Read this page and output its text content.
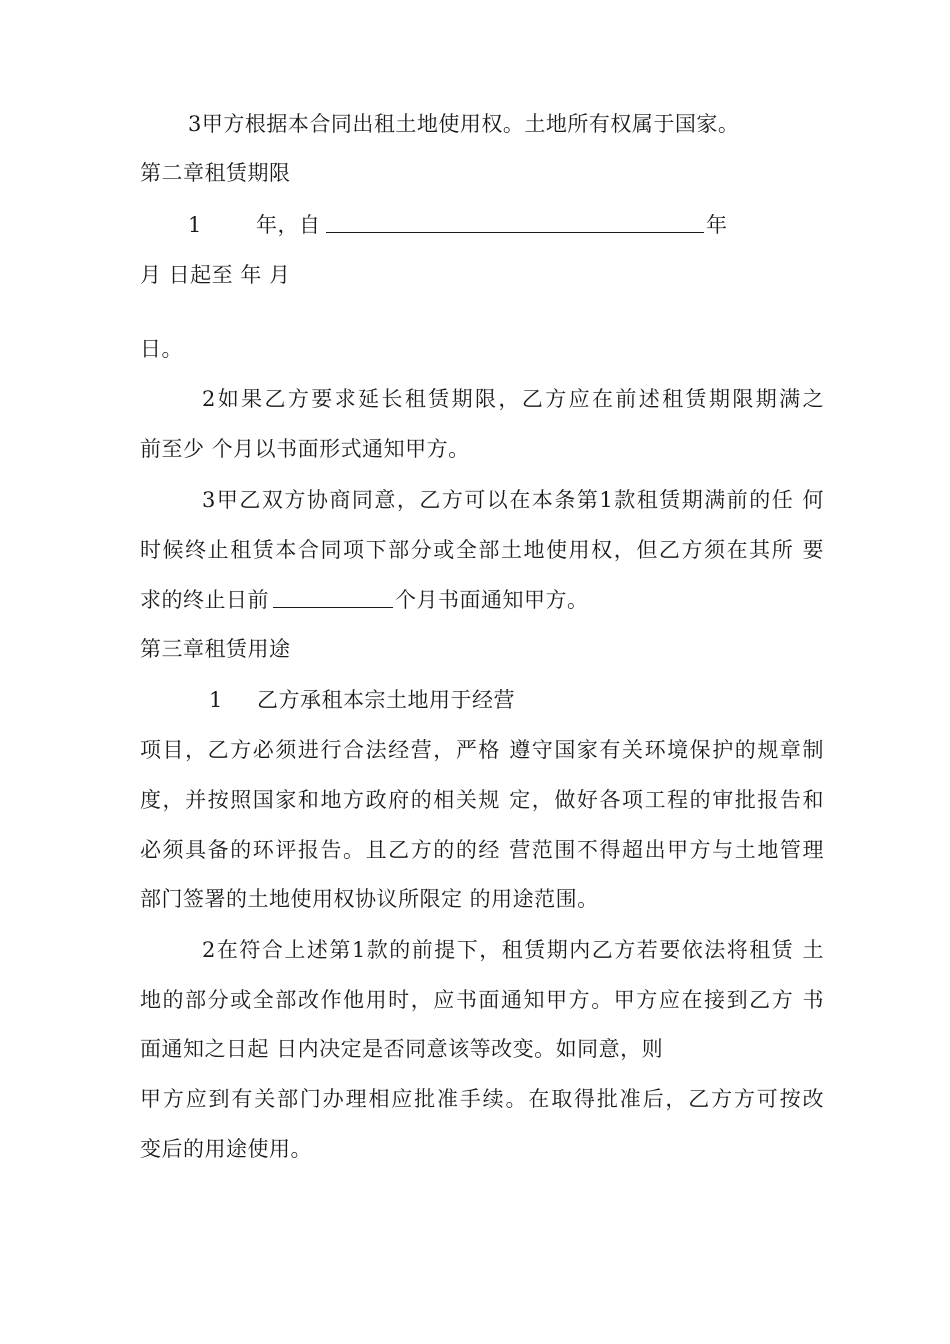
3甲方根据本合同出租土地使用权。土地所有权属于国家。
第二章租赁期限
1	年，自	年
月 日起至 年 月
日。
2如果乙方要求延长租赁期限，乙方应在前述租赁期限期满之
前至少 个月以书面形式通知甲方。
3甲乙双方协商同意，乙方可以在本条第1款租赁期满前的任 何
时候终止租赁本合同项下部分或全部土地使用权，但乙方须在其所 要
求的终止日前	个月书面通知甲方。
第三章租赁用途
1 乙方承租本宗土地用于经营
项目，乙方必须进行合法经营，严格 遵守国家有关环境保护的规章制
度，并按照国家和地方政府的相关规 定，做好各项工程的审批报告和
必须具备的环评报告。且乙方的的经 营范围不得超出甲方与土地管理
部门签署的土地使用权协议所限定 的用途范围。
2在符合上述第1款的前提下，租赁期内乙方若要依法将租赁 土
地的部分或全部改作他用时，应书面通知甲方。甲方应在接到乙方 书
面通知之日起 日内决定是否同意该等改变。如同意，则
甲方应到有关部门办理相应批准手续。在取得批准后，乙方方可按改
变后的用途使用。
